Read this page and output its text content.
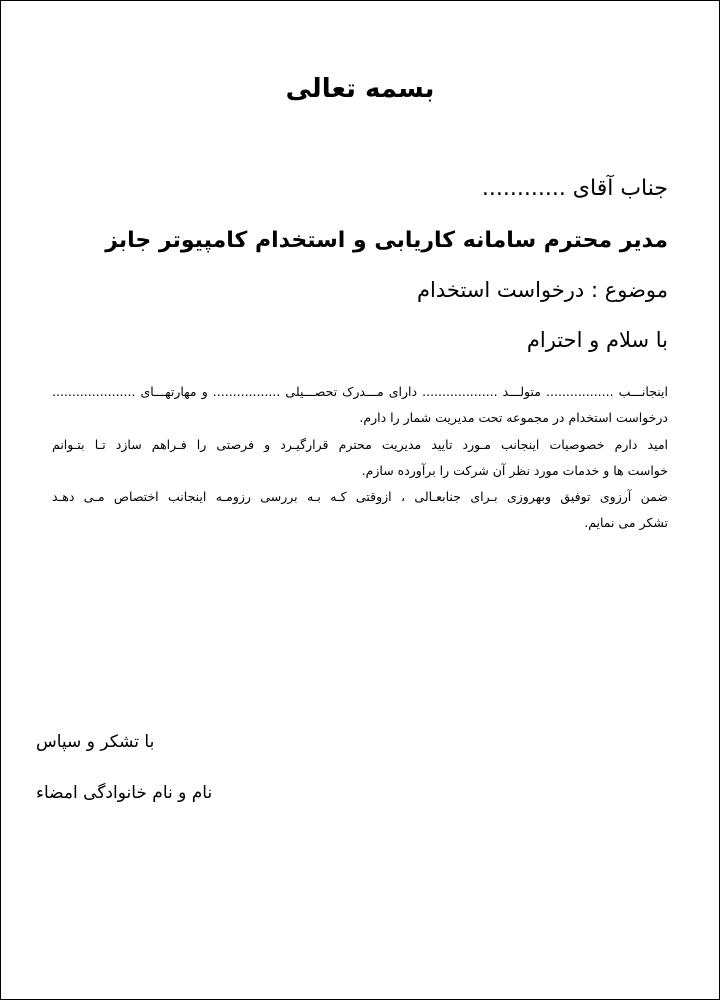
بسمه تعالی
جناب آقای ............
مدیر محترم سامانه کاریابی و استخدام کامپیوتر جابز
موضوع : درخواست استخدام
با سلام و احترام

اینجانـــب ................. متولـــد ................... دارای مـــدرک تحصـــیلی ................. و مهارتهـــای .....................

درخواست استخدام در مجموعه تحت مدیریت شمار را دارم.

امید دارم خصوصیات اینجانب مـورد تایید مدیریت محترم قرارگیـرد و فرصتی را فـراهم سازد تـا بتـوانم

خواست ها و خدمات مورد نظر آن شرکت را برآورده سازم.

ضمن آرزوی توفیق وبهروزی بـرای جنابعـالی ، ازوقتی کـه بـه بررسی رزومـه اینجانب اختصاص مـی دهـد

تشکر می نمایم.

با تشکر و سپاس
نام و نام خانوادگی امضاء
